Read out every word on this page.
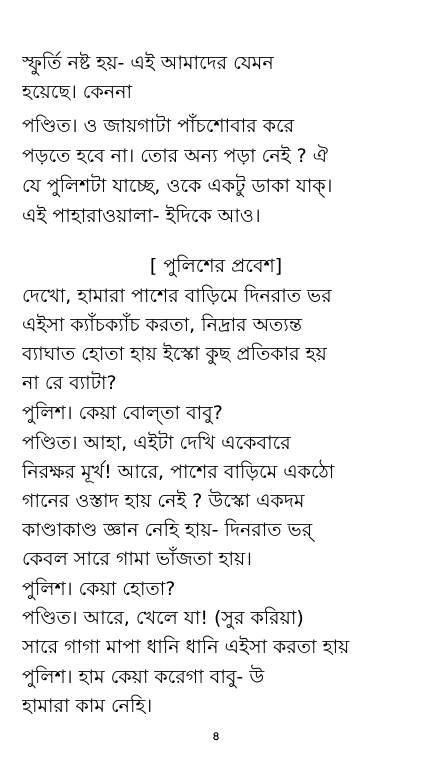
স্ফুর্তি নষ্ট হয়- এই আমাদের যেমন
হয়েছে। কেননা
পণ্ডিত। ও জায়গাটা পাঁচশোবার করে
পড়তে হবে না। তোর অন্য পড়া নেই ? ঐ
যে পুলিশটা যাচ্ছে, ওকে একটু ডাকা যাক্।
এই পাহারাওয়ালা- ইদিকে আও।
[ পুলিশের প্রবেশ]
দেখো, হামারা পাশের বাড়িমে দিনরাত ভর
এইসা ক্যাঁচক্যাঁচ করতা, নিদ্রার অত্যন্ত
ব্যাঘাত হোতা হায় ইস্কো কুছ প্রতিকার হয়
না রে ব্যাটা?
পুলিশ। কেয়া বোল্‌তা বাবু?
পণ্ডিত। আহা, এইটা দেখি একেবারে
নিরক্ষর মূর্খ! আরে, পাশের বাড়িমে একঠো
গানের ওস্তাদ হায় নেই ? উস্কো একদম
কাণ্ডাকাণ্ড জ্ঞান নেহি হায়- দিনরাত ভর্
কেবল সারে গামা ভাঁজতা হায়।
পুলিশ। কেয়া হোতা?
পণ্ডিত। আরে, খেলে যা! (সুর করিয়া)
সারে গাগা মাপা ধানি ধানি এইসা করতা হায়
পুলিশ। হাম কেয়া করেগা বাবু- উ
হামারা কাম নেহি।
৪
